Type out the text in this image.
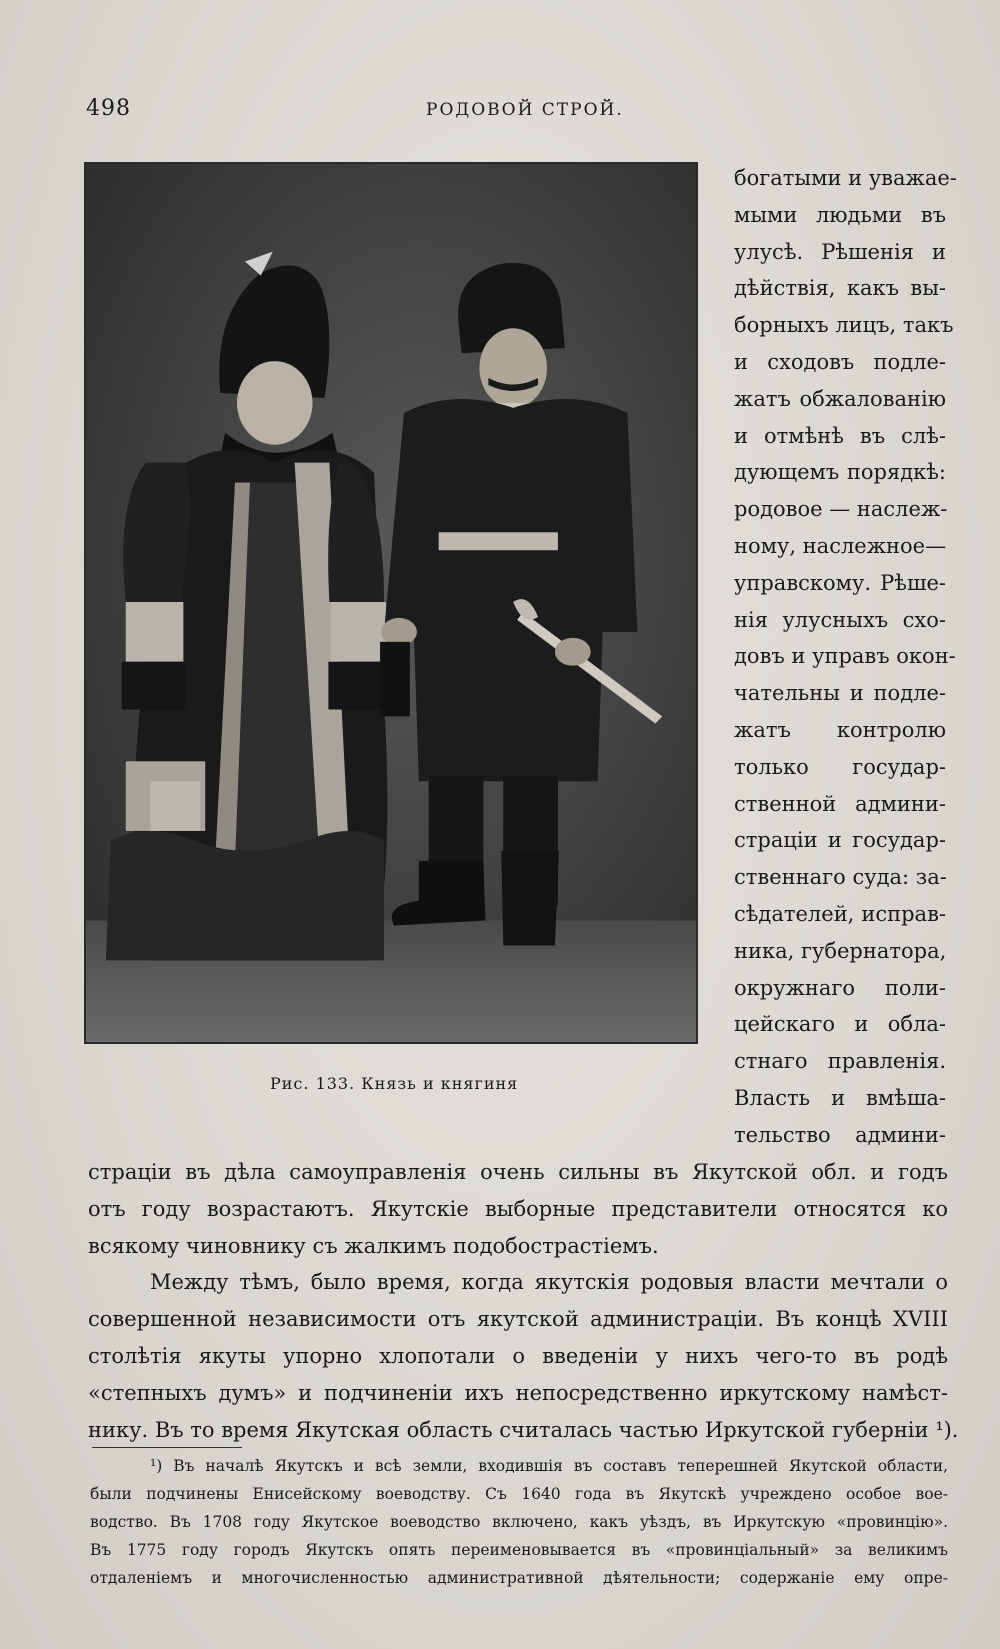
498	РОДОВОЙ СТРОЙ.
Рис. 133. Князь и княгиня
богатыми и уважае-
мыми людьми въ
улусѣ. Рѣшенія и
дѣйствія, какъ вы-
борныхъ лицъ, такъ
и сходовъ подле-
жатъ обжалованію
и отмѣнѣ въ слѣ-
дующемъ порядкѣ:
родовое — наслеж-
ному, наслежное—
управскому. Рѣше-
нія улусныхъ схо-
довъ и управъ окон-
чательны и подле-
жатъ контролю
только государ-
ственной админи-
страціи и государ-
ственнаго суда: за-
сѣдателей, исправ-
ника, губернатора,
окружнаго поли-
цейскаго и обла-
стнаго правленія.
Власть и вмѣша-
тельство админи-
страціи въ дѣла самоуправленія очень сильны въ Якутской обл. и годъ
отъ году возрастаютъ. Якутскіе выборные представители относятся ко
всякому чиновнику съ жалкимъ подобострастіемъ.
Между тѣмъ, было время, когда якутскія родовыя власти мечтали о
совершенной независимости отъ якутской администраціи. Въ концѣ XVIII
столѣтія якуты упорно хлопотали о введеніи у нихъ чего-то въ родѣ
«степныхъ думъ» и подчиненіи ихъ непосредственно иркутскому намѣст-
нику. Въ то время Якутская область считалась частью Иркутской губерніи ¹).
¹) Въ началѣ Якутскъ и всѣ земли, входившія въ составъ теперешней Якутской области,
были подчинены Енисейскому воеводству. Съ 1640 года въ Якутскѣ учреждено особое вое-
водство. Въ 1708 году Якутское воеводство включено, какъ уѣздъ, въ Иркутскую «провинцію».
Въ 1775 году городъ Якутскъ опять переименовывается въ «провинціальный» за великимъ
отдаленіемъ и многочисленностью административной дѣятельности; содержаніе ему опре-
